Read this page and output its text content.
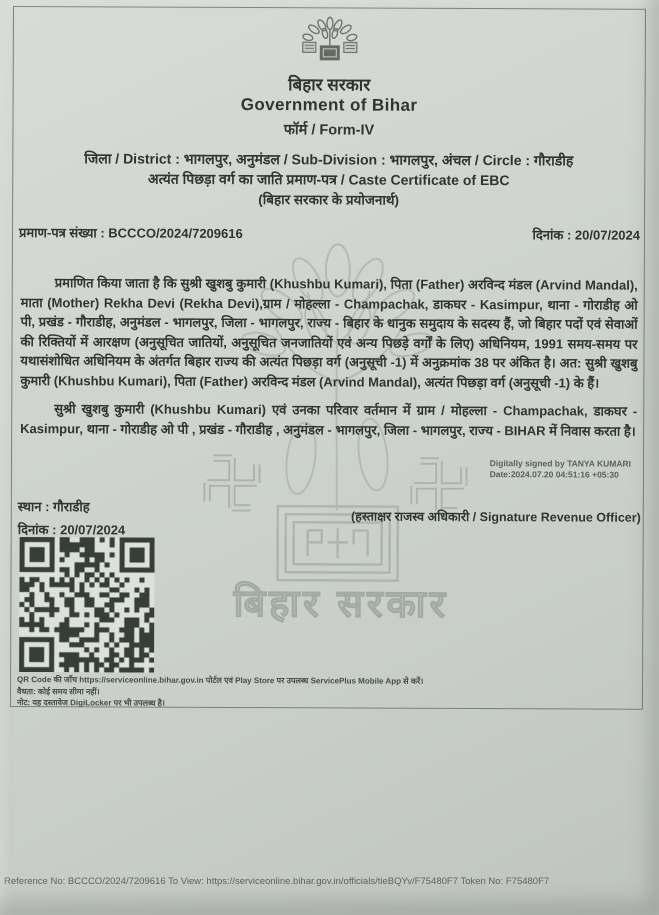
बिहार सरकार
बिहार सरकार
Government of Bihar
फॉर्म / Form-IV
जिला / District : भागलपुर, अनुमंडल / Sub-Division : भागलपुर, अंचल / Circle : गौराडीह
अत्यंत पिछड़ा वर्ग का जाति प्रमाण-पत्र / Caste Certificate of EBC
(बिहार सरकार के प्रयोजनार्थ)
प्रमाण-पत्र संख्या : BCCCO/2024/7209616	दिनांक : 20/07/2024

प्रमाणित किया जाता है कि सुश्री खुशबु कुमारी (Khushbu Kumari), पिता (Father) अरविन्द मंडल (Arvind Mandal), माता (Mother) Rekha Devi (Rekha Devi),ग्राम / मोहल्ला - Champachak, डाकघर - Kasimpur, थाना - गोराडीह ओ पी, प्रखंड - गौराडीह, अनुमंडल - भागलपुर, जिला - भागलपुर, राज्य - बिहार के धानुक समुदाय के सदस्य हैं, जो बिहार पदों एवं सेवाओं की रिक्तियों में आरक्षण (अनुसूचित जातियों, अनुसूचित जनजातियों एवं अन्य पिछड़े वर्गों के लिए) अधिनियम, 1991 समय-समय पर यथासंशोधित अधिनियम के अंतर्गत बिहार राज्य की अत्यंत पिछड़ा वर्ग (अनुसूची -1) में अनुक्रमांक 38 पर अंकित है। अत: सुश्री खुशबु कुमारी (Khushbu Kumari), पिता (Father) अरविन्द मंडल (Arvind Mandal), अत्यंत पिछड़ा वर्ग (अनुसूची -1) के हैं।

सुश्री खुशबु कुमारी (Khushbu Kumari) एवं उनका परिवार वर्तमान में ग्राम / मोहल्ला - Champachak, डाकघर - Kasimpur, थाना - गोराडीह ओ पी , प्रखंड - गौराडीह , अनुमंडल - भागलपुर, जिला - भागलपुर, राज्य - BIHAR में निवास करता है।

Digitally signed by TANYA KUMARI
Date:2024.07.20 04:51:16 +05:30
(हस्ताक्षर राजस्व अधिकारी / Signature Revenue Officer)
स्थान : गौराडीह
दिनांक : 20/07/2024
QR Code की जाँच https://serviceonline.bihar.gov.in पोर्टल एवं Play Store पर उपलब्ध ServicePlus Mobile App से करें।
वैधता: कोई समय सीमा नहीं।
नोट: यह दस्तावेज DigiLocker पर भी उपलब्ध है।
Reference No: BCCCO/2024/7209616 To View: https://serviceonline.bihar.gov.in/officials/tieBQYv/F75480F7 Token No: F75480F7
